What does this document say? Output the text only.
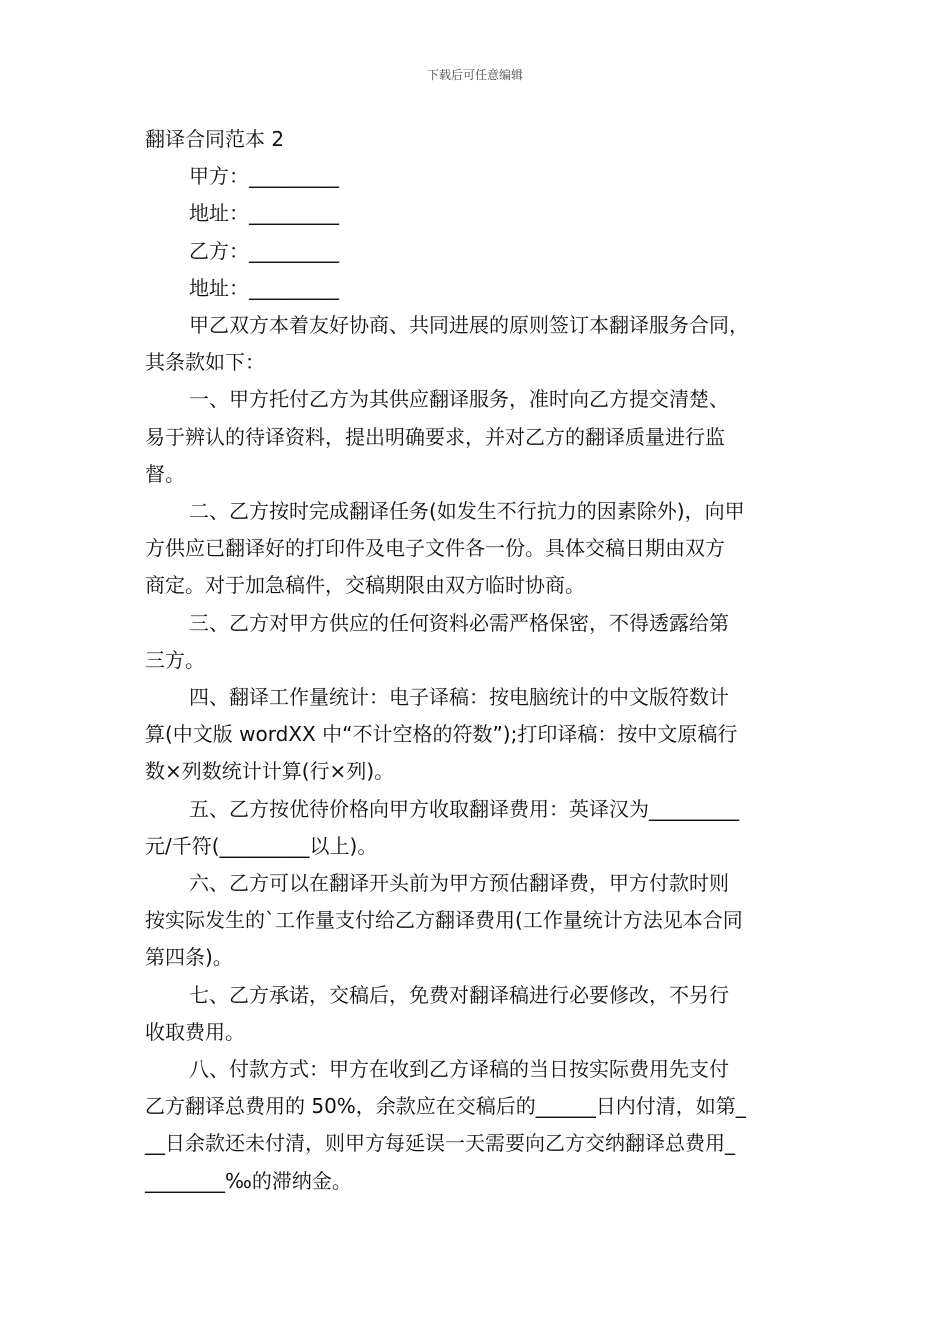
下载后可任意编辑

翻译合同范本 2

甲方：_________

地址：_________

乙方：_________

地址：_________

甲乙双方本着友好协商、共同进展的原则签订本翻译服务合同，

其条款如下：

一、甲方托付乙方为其供应翻译服务，准时向乙方提交清楚、

易于辨认的待译资料，提出明确要求，并对乙方的翻译质量进行监

督。

二、乙方按时完成翻译任务(如发生不行抗力的因素除外)，向甲

方供应已翻译好的打印件及电子文件各一份。具体交稿日期由双方

商定。对于加急稿件，交稿期限由双方临时协商。

三、乙方对甲方供应的任何资料必需严格保密，不得透露给第

三方。

四、翻译工作量统计：电子译稿：按电脑统计的中文版符数计

算(中文版 wordXX 中“不计空格的符数”);打印译稿：按中文原稿行

数×列数统计计算(行×列)。

五、乙方按优待价格向甲方收取翻译费用：英译汉为_________

元/千符(_________以上)。

六、乙方可以在翻译开头前为甲方预估翻译费，甲方付款时则

按实际发生的`工作量支付给乙方翻译费用(工作量统计方法见本合同

第四条)。

七、乙方承诺，交稿后，免费对翻译稿进行必要修改，不另行

收取费用。

八、付款方式：甲方在收到乙方译稿的当日按实际费用先支付

乙方翻译总费用的 50%，余款应在交稿后的______日内付清，如第_

__日余款还未付清，则甲方每延误一天需要向乙方交纳翻译总费用_

________‰的滞纳金。
